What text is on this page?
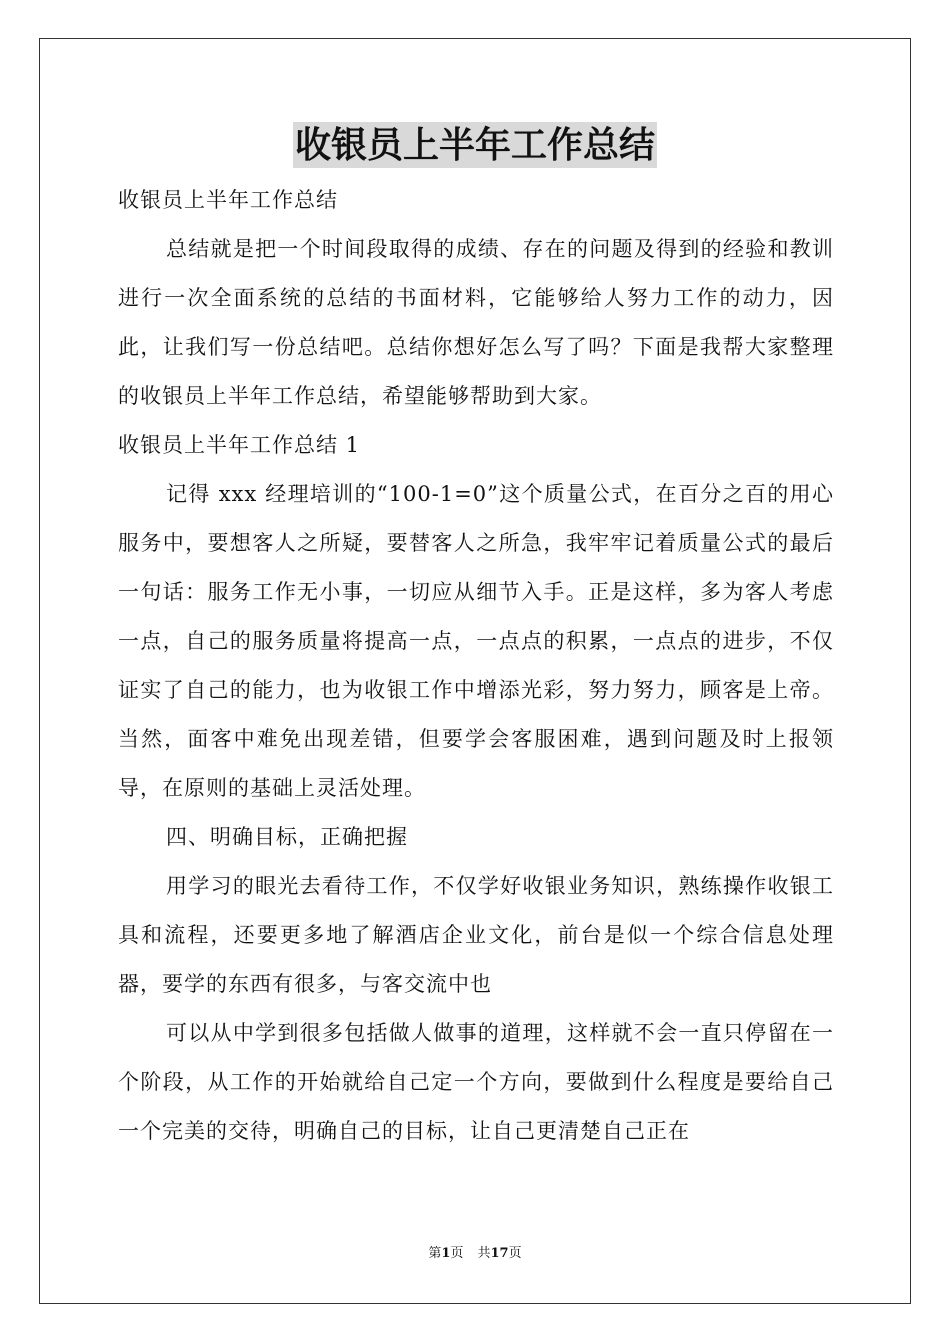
收银员上半年工作总结

收银员上半年工作总结

总结就是把一个时间段取得的成绩、存在的问题及得到的经验和教训进行一次全面系统的总结的书面材料，它能够给人努力工作的动力，因此，让我们写一份总结吧。总结你想好怎么写了吗？下面是我帮大家整理的收银员上半年工作总结，希望能够帮助到大家。

收银员上半年工作总结 1

记得 xxx 经理培训的“100-1=0”这个质量公式，在百分之百的用心服务中，要想客人之所疑，要替客人之所急，我牢牢记着质量公式的最后一句话：服务工作无小事，一切应从细节入手。正是这样，多为客人考虑一点，自己的服务质量将提高一点，一点点的积累，一点点的进步，不仅证实了自己的能力，也为收银工作中增添光彩，努力努力，顾客是上帝。当然，面客中难免出现差错，但要学会客服困难，遇到问题及时上报领导，在原则的基础上灵活处理。

四、明确目标，正确把握

用学习的眼光去看待工作，不仅学好收银业务知识，熟练操作收银工具和流程，还要更多地了解酒店企业文化，前台是似一个综合信息处理器，要学的东西有很多，与客交流中也

可以从中学到很多包括做人做事的道理，这样就不会一直只停留在一个阶段，从工作的开始就给自己定一个方向，要做到什么程度是要给自己一个完美的交待，明确自己的目标，让自己更清楚自己正在

第1页 共17页
